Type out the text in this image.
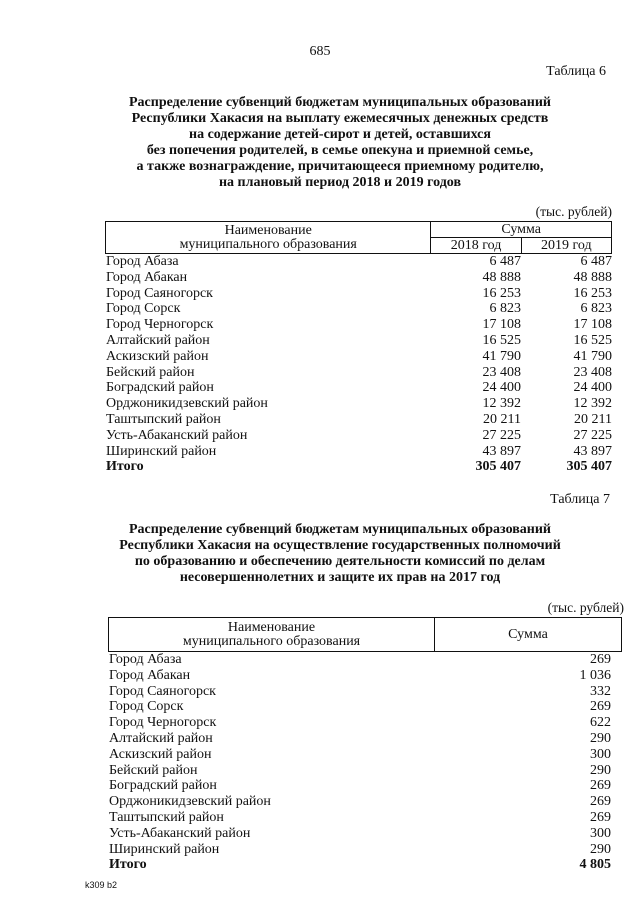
685
Таблица 6
Распределение субвенций бюджетам муниципальных образований
Республики Хакасия на выплату ежемесячных денежных средств
на содержание детей-сирот и детей, оставшихся
без попечения родителей, в семье опекуна и приемной семье,
а также вознаграждение, причитающееся приемному родителю,
на плановый период 2018 и 2019 годов
(тыс. рублей)
Наименование
муниципального образования	Сумма	
	2018 год	2019 год
Город Абаза	6 487	6 487
Город Абакан	48 888	48 888
Город Саяногорск	16 253	16 253
Город Сорск	6 823	6 823
Город Черногорск	17 108	17 108
Алтайский район	16 525	16 525
Аскизский район	41 790	41 790
Бейский район	23 408	23 408
Боградский район	24 400	24 400
Орджоникидзевский район	12 392	12 392
Таштыпский район	20 211	20 211
Усть-Абаканский район	27 225	27 225
Ширинский район	43 897	43 897
Итого	305 407	305 407
Таблица 7
Распределение субвенций бюджетам муниципальных образований
Республики Хакасия на осуществление государственных полномочий
по образованию и обеспечению деятельности комиссий по делам
несовершеннолетних и защите их прав на 2017 год
(тыс. рублей)
Наименование
муниципального образования	Сумма
Город Абаза	269
Город Абакан	1 036
Город Саяногорск	332
Город Сорск	269
Город Черногорск	622
Алтайский район	290
Аскизский район	300
Бейский район	290
Боградский район	269
Орджоникидзевский район	269
Таштыпский район	269
Усть-Абаканский район	300
Ширинский район	290
Итого	4 805
k309 b2
